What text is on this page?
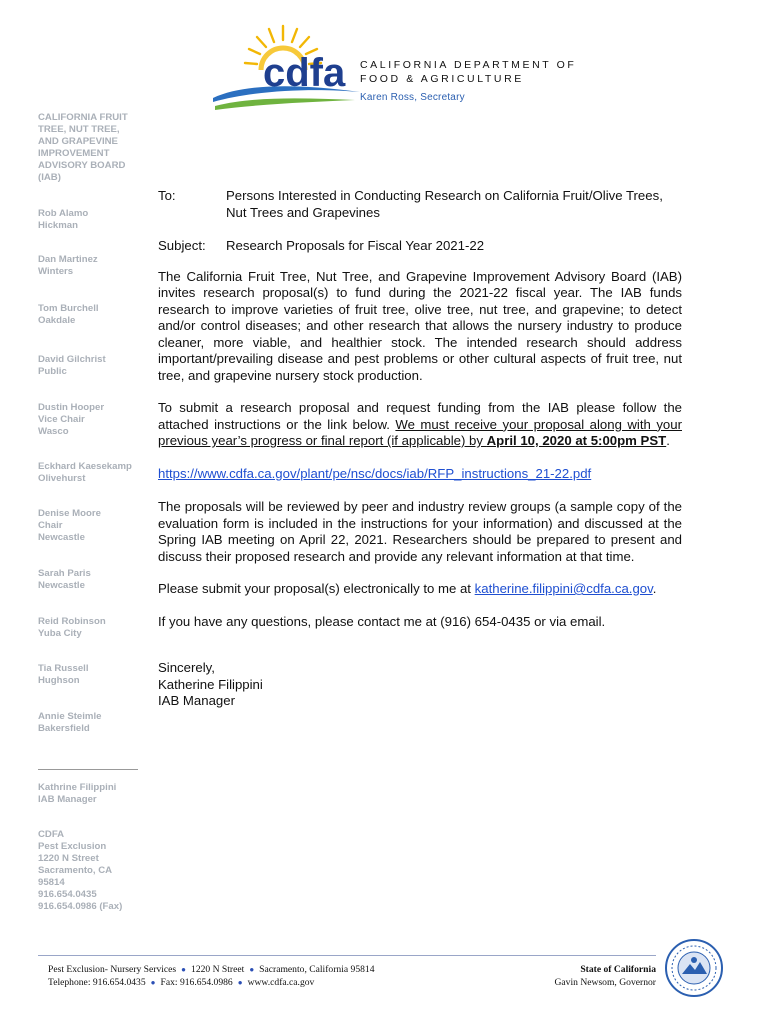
cdfa CALIFORNIA DEPARTMENT OF
FOOD & AGRICULTURE
Karen Ross, Secretary
CALIFORNIA FRUIT
TREE, NUT TREE,
AND GRAPEVINE
IMPROVEMENT
ADVISORY BOARD
(IAB)
Rob Alamo
Hickman
Dan Martinez
Winters
Tom Burchell
Oakdale
David Gilchrist
Public
Dustin Hooper
Vice Chair
Wasco
Eckhard Kaesekamp
Olivehurst
Denise Moore
Chair
Newcastle
Sarah Paris
Newcastle
Reid Robinson
Yuba City
Tia Russell
Hughson
Annie Steimle
Bakersfield
Kathrine Filippini
IAB Manager
CDFA
Pest Exclusion
1220 N Street
Sacramento, CA
95814
916.654.0435
916.654.0986 (Fax)
To:	Persons Interested in Conducting Research on California Fruit/Olive Trees,
Nut Trees and Grapevines
Subject:	Research Proposals for Fiscal Year 2021-22

The California Fruit Tree, Nut Tree, and Grapevine Improvement Advisory Board (IAB) invites research proposal(s) to fund during the 2021-22 fiscal year. The IAB funds research to improve varieties of fruit tree, olive tree, nut tree, and grapevine; to detect and/or control diseases; and other research that allows the nursery industry to produce cleaner, more viable, and healthier stock. The intended research should address important/prevailing disease and pest problems or other cultural aspects of fruit tree, nut tree, and grapevine nursery stock production.

To submit a research proposal and request funding from the IAB please follow the attached instructions or the link below. We must receive your proposal along with your previous year’s progress or final report (if applicable) by April 10, 2020 at 5:00pm PST.

https://www.cdfa.ca.gov/plant/pe/nsc/docs/iab/RFP_instructions_21-22.pdf

The proposals will be reviewed by peer and industry review groups (a sample copy of the evaluation form is included in the instructions for your information) and discussed at the Spring IAB meeting on April 22, 2021. Researchers should be prepared to present and discuss their proposed research and provide any relevant information at that time.

Please submit your proposal(s) electronically to me at katherine.filippini@cdfa.ca.gov.

If you have any questions, please contact me at (916) 654-0435 or via email.

Sincerely,
Katherine Filippini
IAB Manager
Pest Exclusion- Nursery Services ● 1220 N Street ● Sacramento, California 95814
Telephone: 916.654.0435 ● Fax: 916.654.0986 ● www.cdfa.ca.gov
State of California
Gavin Newsom, Governor
